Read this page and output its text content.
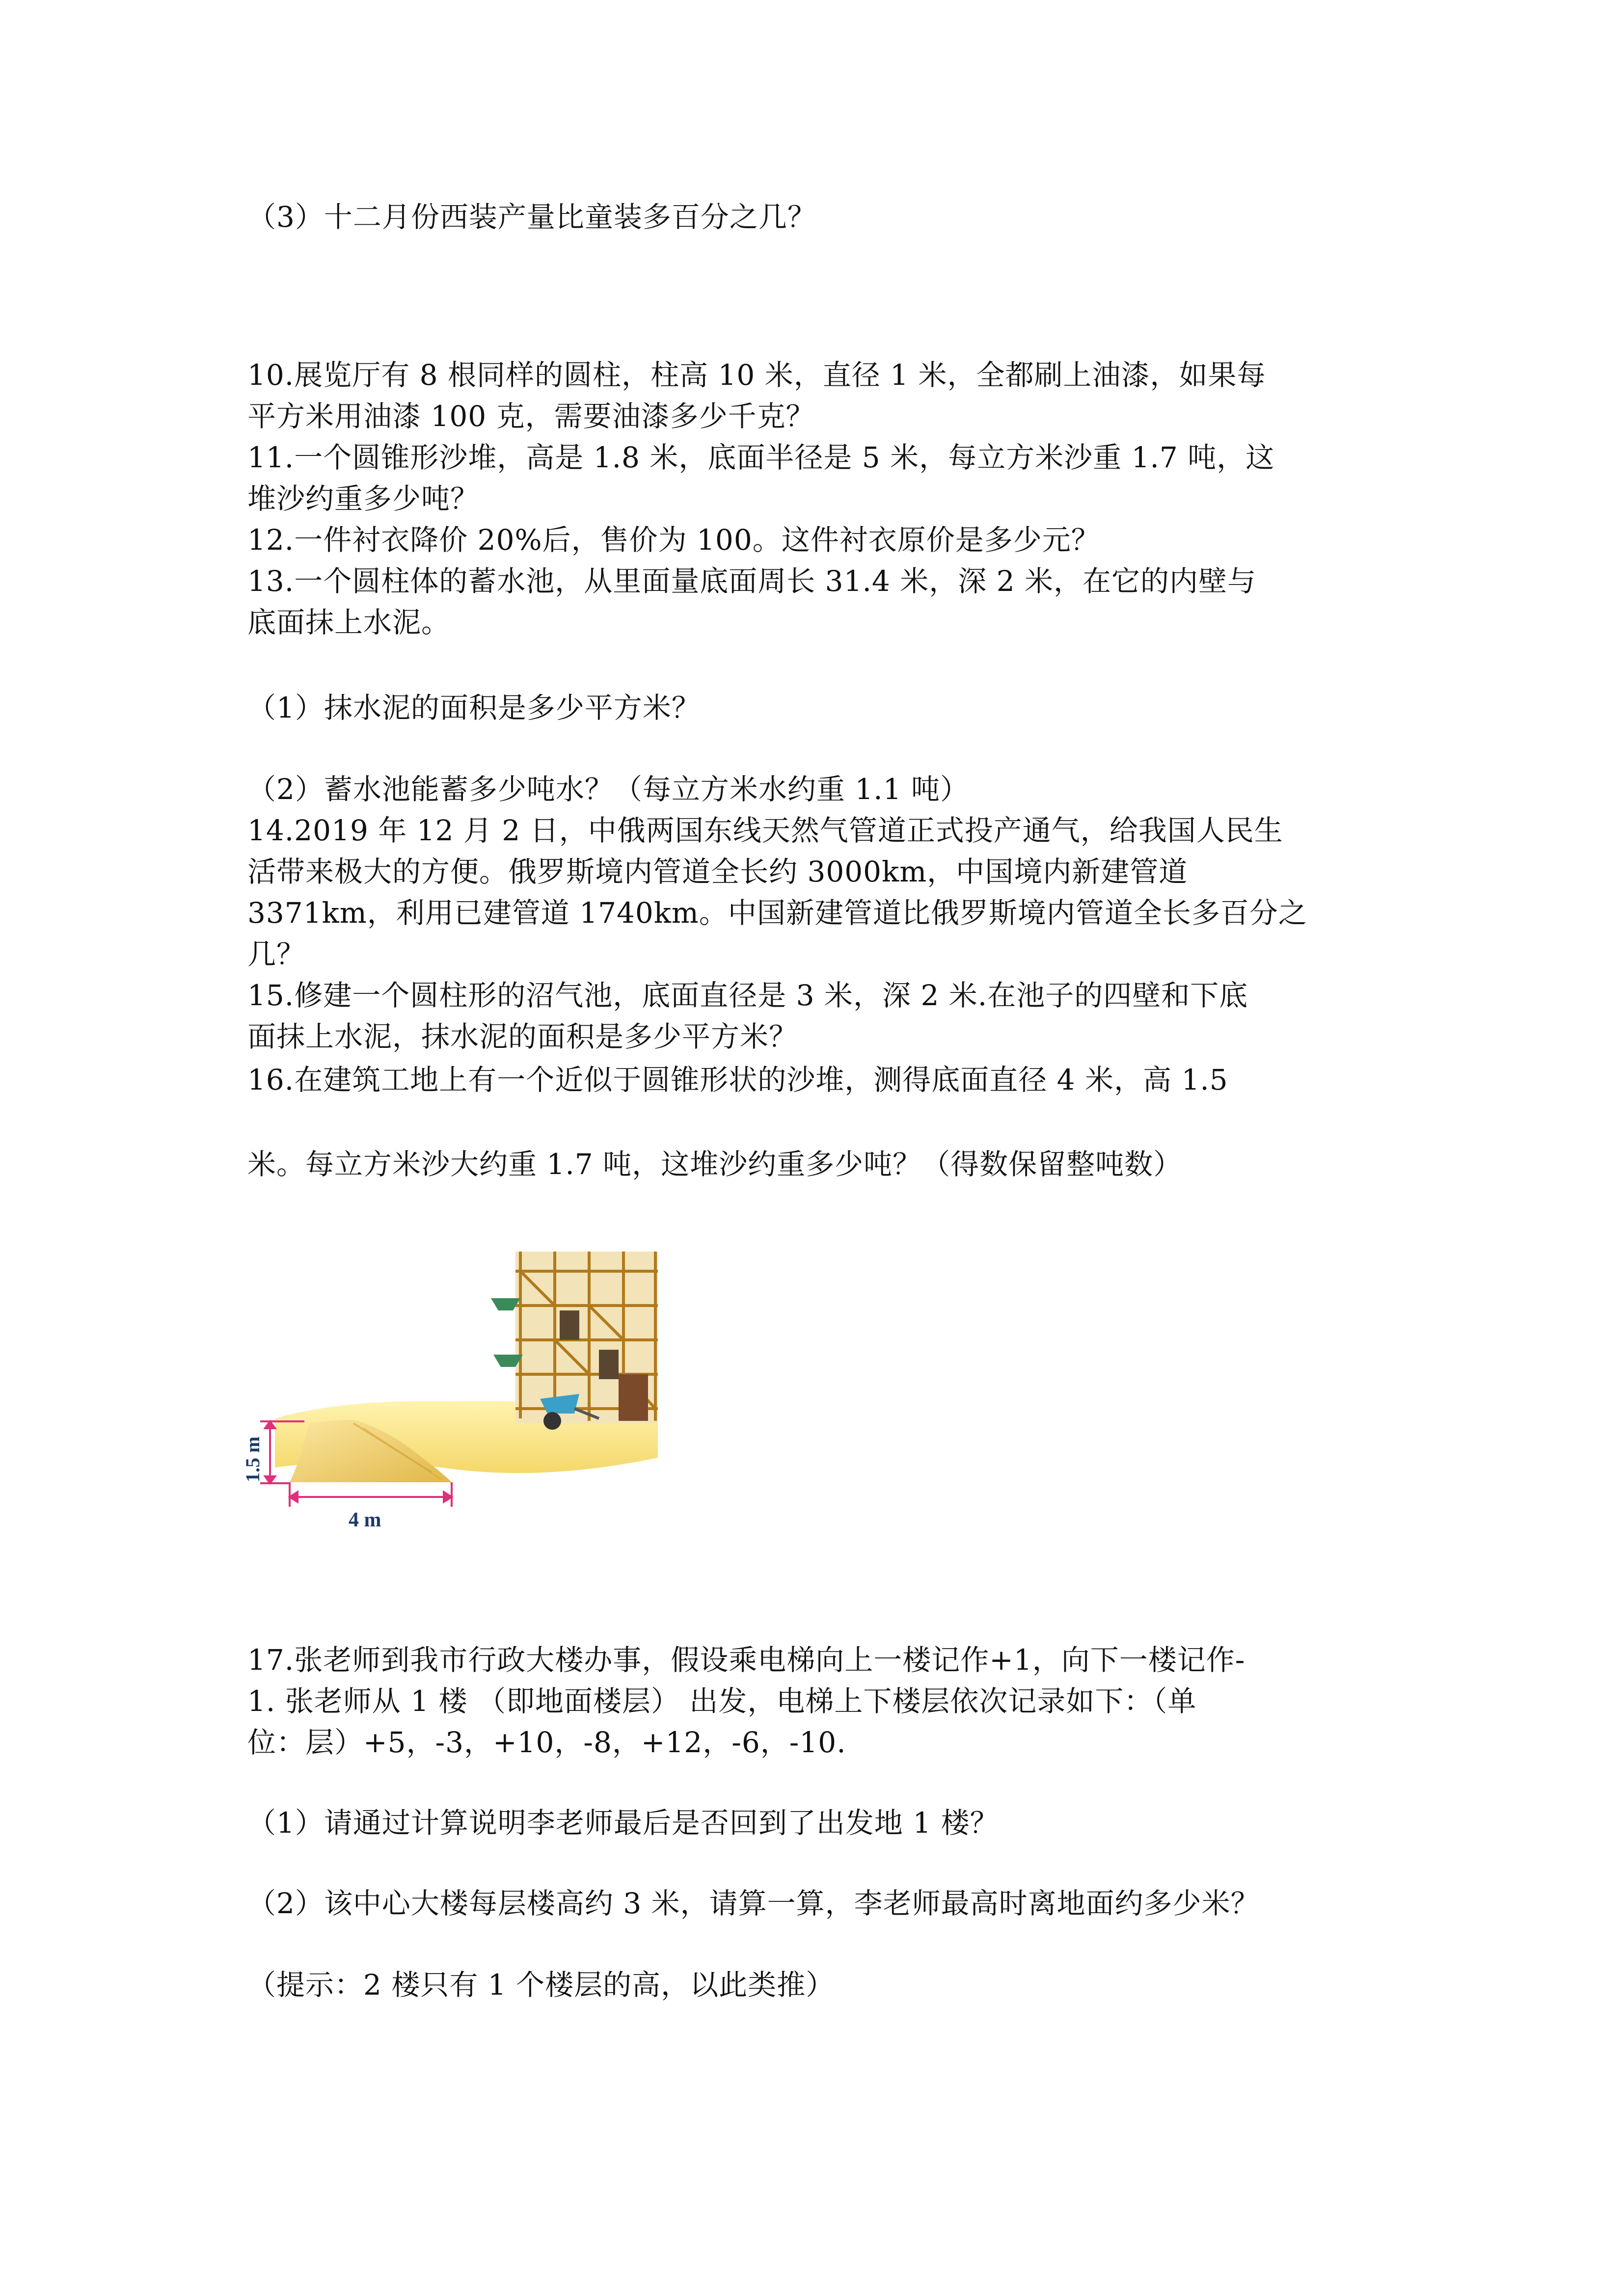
（3）十二月份西装产量比童装多百分之几？
10.展览厅有 8 根同样的圆柱，柱高 10 米，直径 1 米，全都刷上油漆，如果每
平方米用油漆 100 克，需要油漆多少千克？
11.一个圆锥形沙堆，高是 1.8 米，底面半径是 5 米，每立方米沙重 1.7 吨，这
堆沙约重多少吨？
12.一件衬衣降价 20%后，售价为 100。这件衬衣原价是多少元？
13.一个圆柱体的蓄水池，从里面量底面周长 31.4 米，深 2 米，在它的内壁与
底面抹上水泥。
（1）抹水泥的面积是多少平方米？
（2）蓄水池能蓄多少吨水？（每立方米水约重 1.1 吨）
14.2019 年 12 月 2 日，中俄两国东线天然气管道正式投产通气，给我国人民生
活带来极大的方便。俄罗斯境内管道全长约 3000km，中国境内新建管道
3371km，利用已建管道 1740km。中国新建管道比俄罗斯境内管道全长多百分之
几？
15.修建一个圆柱形的沼气池，底面直径是 3 米，深 2 米.在池子的四壁和下底
面抹上水泥，抹水泥的面积是多少平方米？
16.在建筑工地上有一个近似于圆锥形状的沙堆，测得底面直径 4 米，高 1.5
米。每立方米沙大约重 1.7 吨，这堆沙约重多少吨？（得数保留整吨数）
1.5 m
4 m
17.张老师到我市行政大楼办事，假设乘电梯向上一楼记作+1，向下一楼记作-
1. 张老师从 1 楼 （即地面楼层） 出发，电梯上下楼层依次记录如下：（单
位：层）+5，-3，+10，-8，+12，-6，-10.
（1）请通过计算说明李老师最后是否回到了出发地 1 楼？
（2）该中心大楼每层楼高约 3 米，请算一算，李老师最高时离地面约多少米？
（提示：2 楼只有 1 个楼层的高，以此类推）
